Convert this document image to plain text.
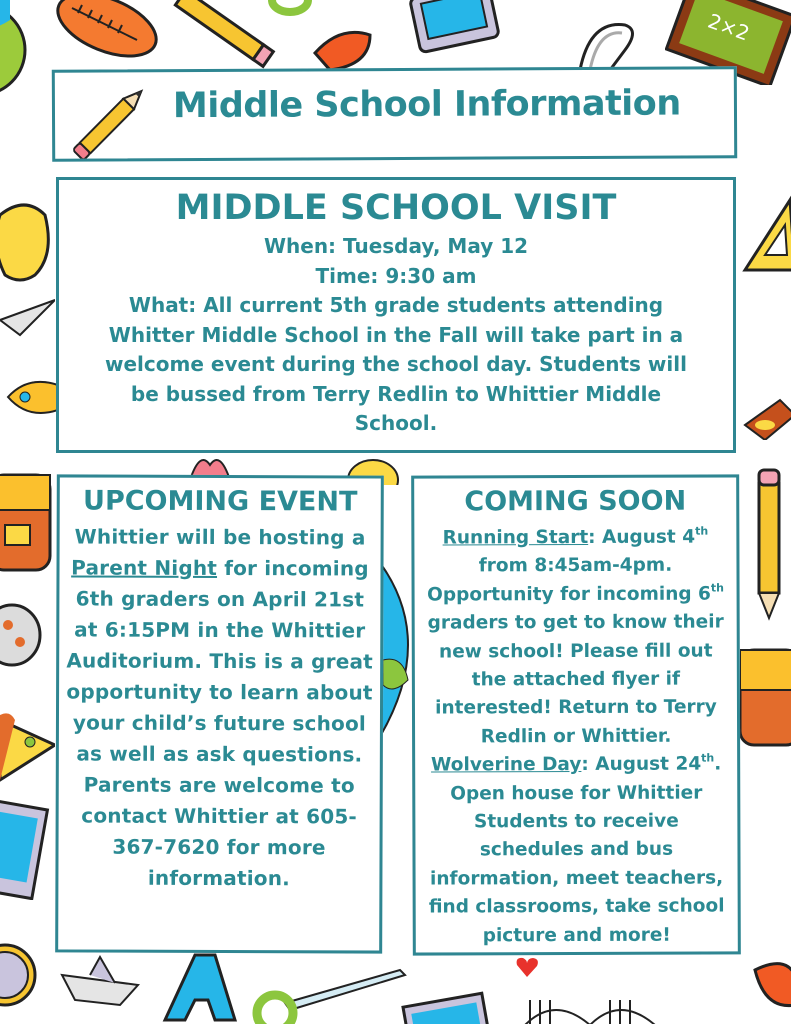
2×2
Middle School Information
MIDDLE SCHOOL VISIT
When: Tuesday, May 12
Time: 9:30 am
What: All current 5th grade students attending Whitter Middle School in the Fall will take part in a welcome event during the school day. Students will be bussed from Terry Redlin to Whittier Middle School.
UPCOMING EVENT
Whittier will be hosting a Parent Night for incoming 6th graders on April 21st at 6:15PM in the Whittier Auditorium. This is a great opportunity to learn about your child’s future school as well as ask questions. Parents are welcome to contact Whittier at 605-367-7620 for more information.
COMING SOON
Running Start: August 4th from 8:45am-4pm. Opportunity for incoming 6th graders to get to know their new school! Please fill out the attached flyer if interested! Return to Terry Redlin or Whittier.
Wolverine Day: August 24th. Open house for Whittier Students to receive schedules and bus information, meet teachers, find classrooms, take school picture and more!
